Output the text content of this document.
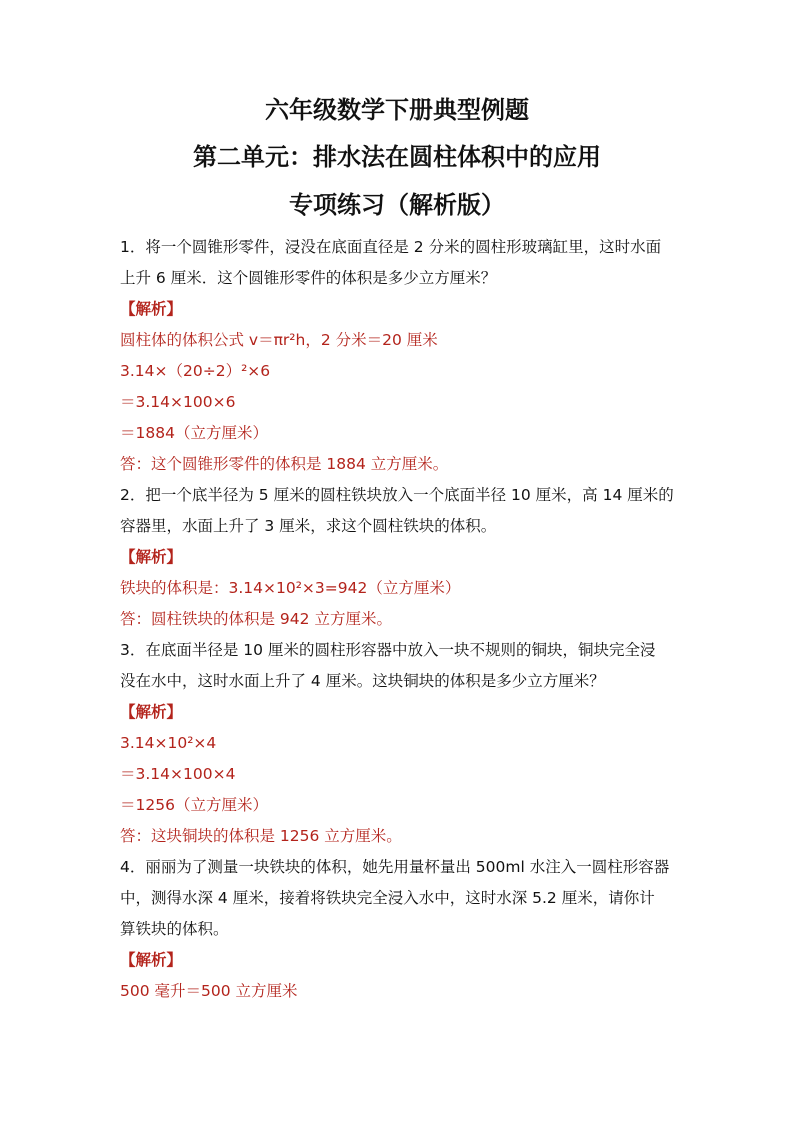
六年级数学下册典型例题
第二单元：排水法在圆柱体积中的应用
专项练习（解析版）

1．将一个圆锥形零件，浸没在底面直径是 2 分米的圆柱形玻璃缸里，这时水面

上升 6 厘米．这个圆锥形零件的体积是多少立方厘米？

【解析】

圆柱体的体积公式 v＝πr²h，2 分米＝20 厘米

3.14×（20÷2）²×6

＝3.14×100×6

＝1884（立方厘米）

答：这个圆锥形零件的体积是 1884 立方厘米。

2．把一个底半径为 5 厘米的圆柱铁块放入一个底面半径 10 厘米，高 14 厘米的

容器里，水面上升了 3 厘米，求这个圆柱铁块的体积。

【解析】

铁块的体积是：3.14×10²×3=942（立方厘米）

答：圆柱铁块的体积是 942 立方厘米。

3．在底面半径是 10 厘米的圆柱形容器中放入一块不规则的铜块，铜块完全浸

没在水中，这时水面上升了 4 厘米。这块铜块的体积是多少立方厘米？

【解析】

3.14×10²×4

＝3.14×100×4

＝1256（立方厘米）

答：这块铜块的体积是 1256 立方厘米。

4．丽丽为了测量一块铁块的体积，她先用量杯量出 500ml 水注入一圆柱形容器

中，测得水深 4 厘米，接着将铁块完全浸入水中，这时水深 5.2 厘米，请你计

算铁块的体积。

【解析】

500 毫升＝500 立方厘米
